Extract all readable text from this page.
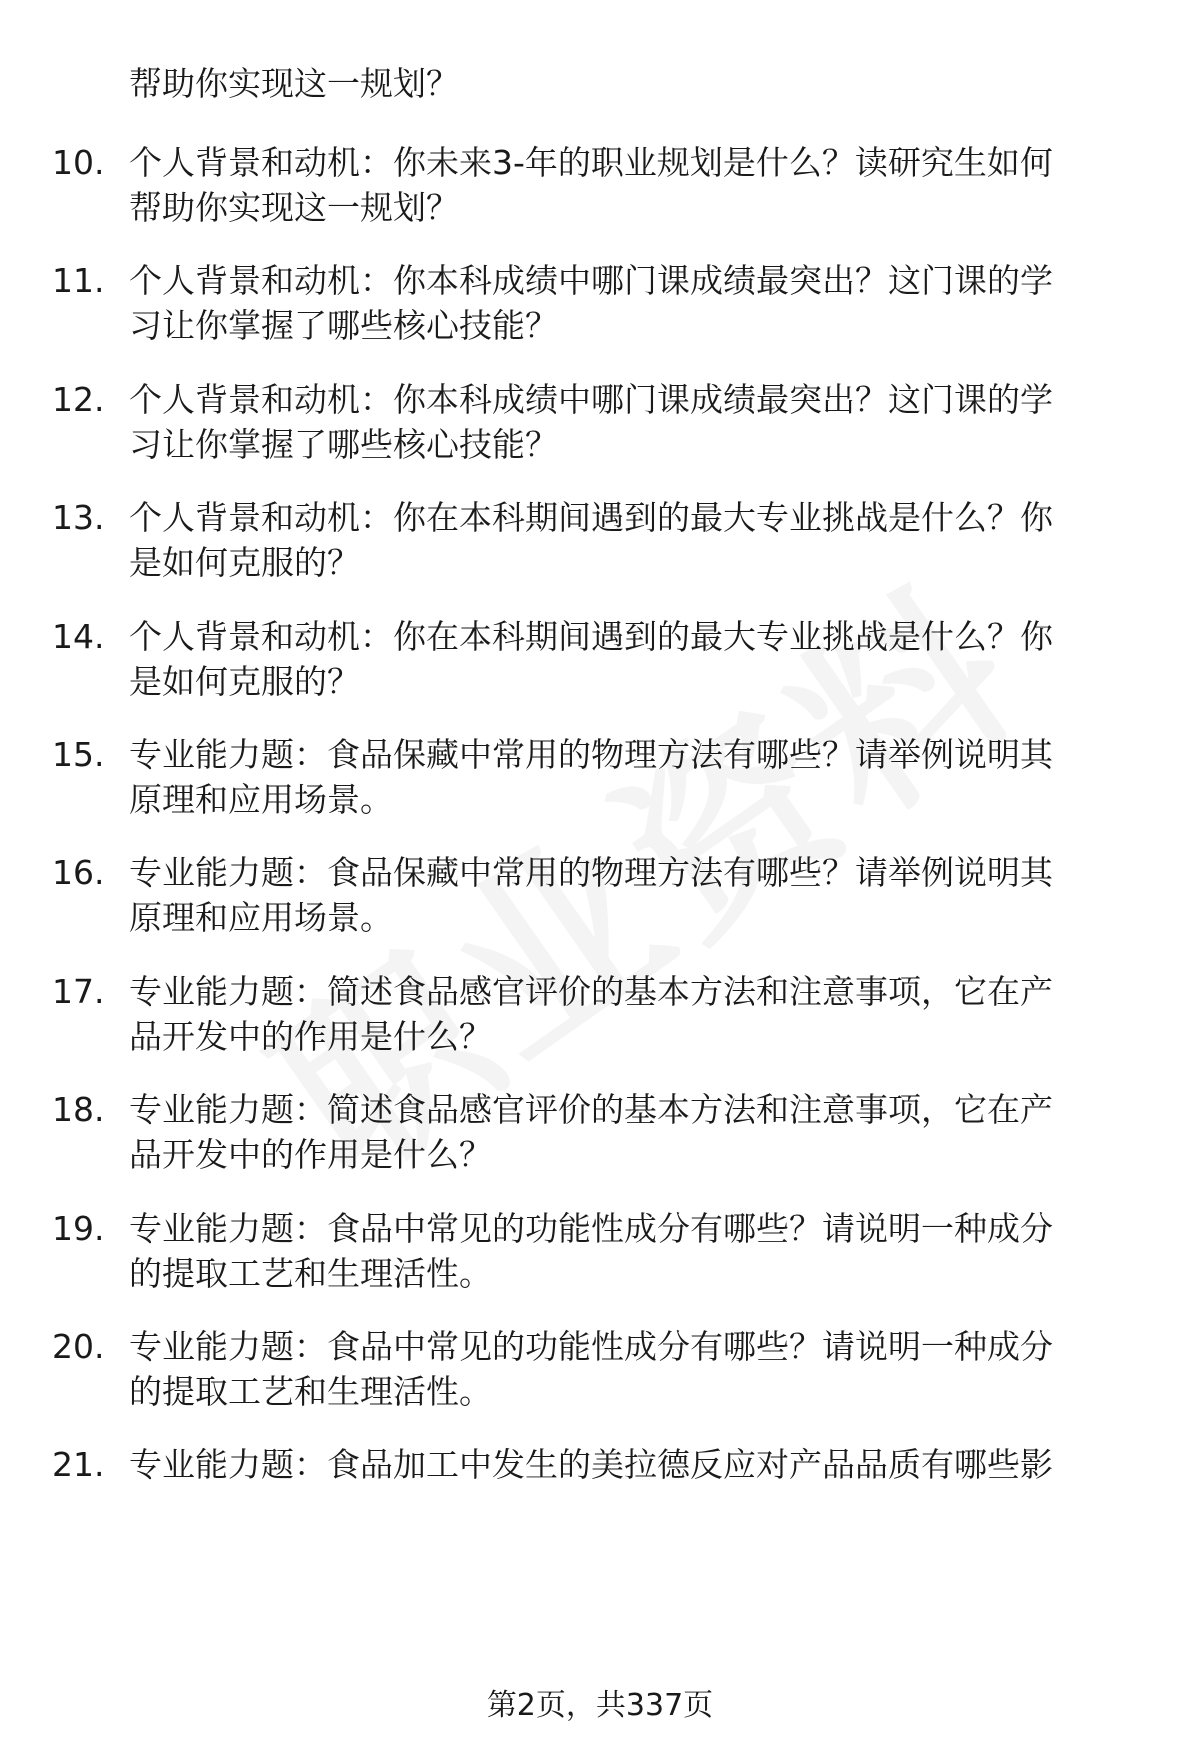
帮助你实现这一规划？
10. 个人背景和动机：你未来3-年的职业规划是什么？读研究生如何
帮助你实现这一规划？
11. 个人背景和动机：你本科成绩中哪门课成绩最突出？这门课的学
习让你掌握了哪些核心技能？
12. 个人背景和动机：你本科成绩中哪门课成绩最突出？这门课的学
习让你掌握了哪些核心技能？
13. 个人背景和动机：你在本科期间遇到的最大专业挑战是什么？你
是如何克服的？
14. 个人背景和动机：你在本科期间遇到的最大专业挑战是什么？你
是如何克服的？
15. 专业能力题：食品保藏中常用的物理方法有哪些？请举例说明其
原理和应用场景。
16. 专业能力题：食品保藏中常用的物理方法有哪些？请举例说明其
原理和应用场景。
17. 专业能力题：简述食品感官评价的基本方法和注意事项，它在产
品开发中的作用是什么？
18. 专业能力题：简述食品感官评价的基本方法和注意事项，它在产
品开发中的作用是什么？
19. 专业能力题：食品中常见的功能性成分有哪些？请说明一种成分
的提取工艺和生理活性。
20. 专业能力题：食品中常见的功能性成分有哪些？请说明一种成分
的提取工艺和生理活性。
21. 专业能力题：食品加工中发生的美拉德反应对产品品质有哪些影
第2页，共337页
